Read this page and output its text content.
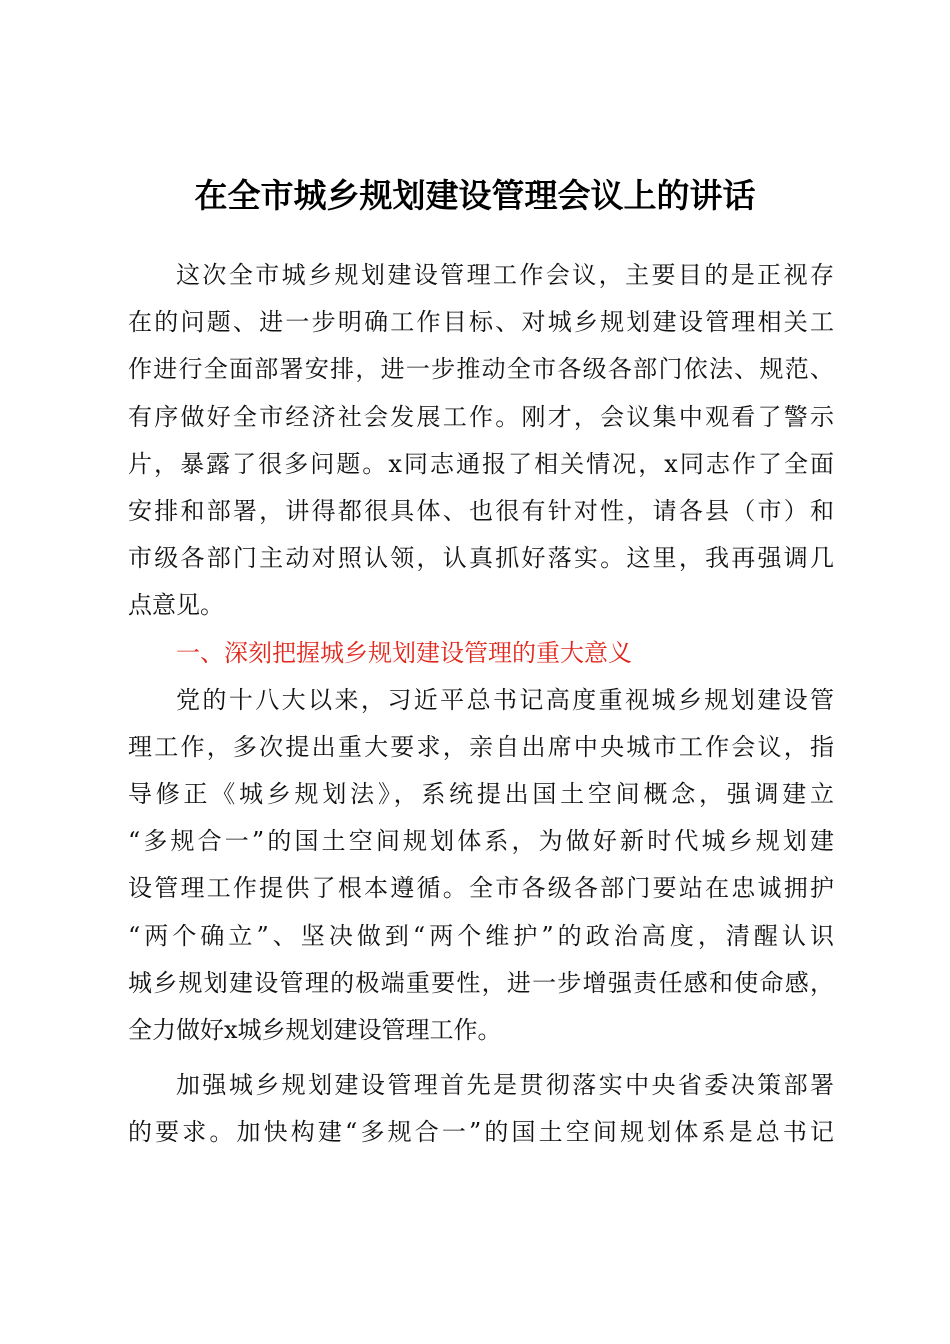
在全市城乡规划建设管理会议上的讲话
这次全市城乡规划建设管理工作会议，主要目的是正视存
在的问题、进一步明确工作目标、对城乡规划建设管理相关工
作进行全面部署安排，进一步推动全市各级各部门依法、规范、
有序做好全市经济社会发展工作。刚才，会议集中观看了警示
片，暴露了很多问题。x同志通报了相关情况，x同志作了全面
安排和部署，讲得都很具体、也很有针对性，请各县（市）和
市级各部门主动对照认领，认真抓好落实。这里，我再强调几
点意见。
一、深刻把握城乡规划建设管理的重大意义
党的十八大以来，习近平总书记高度重视城乡规划建设管
理工作，多次提出重大要求，亲自出席中央城市工作会议，指
导修正《城乡规划法》，系统提出国土空间概念，强调建立
“多规合一”的国土空间规划体系，为做好新时代城乡规划建
设管理工作提供了根本遵循。全市各级各部门要站在忠诚拥护
“两个确立”、坚决做到“两个维护”的政治高度，清醒认识
城乡规划建设管理的极端重要性，进一步增强责任感和使命感，
全力做好x城乡规划建设管理工作。
加强城乡规划建设管理首先是贯彻落实中央省委决策部署
的要求。加快构建“多规合一”的国土空间规划体系是总书记
